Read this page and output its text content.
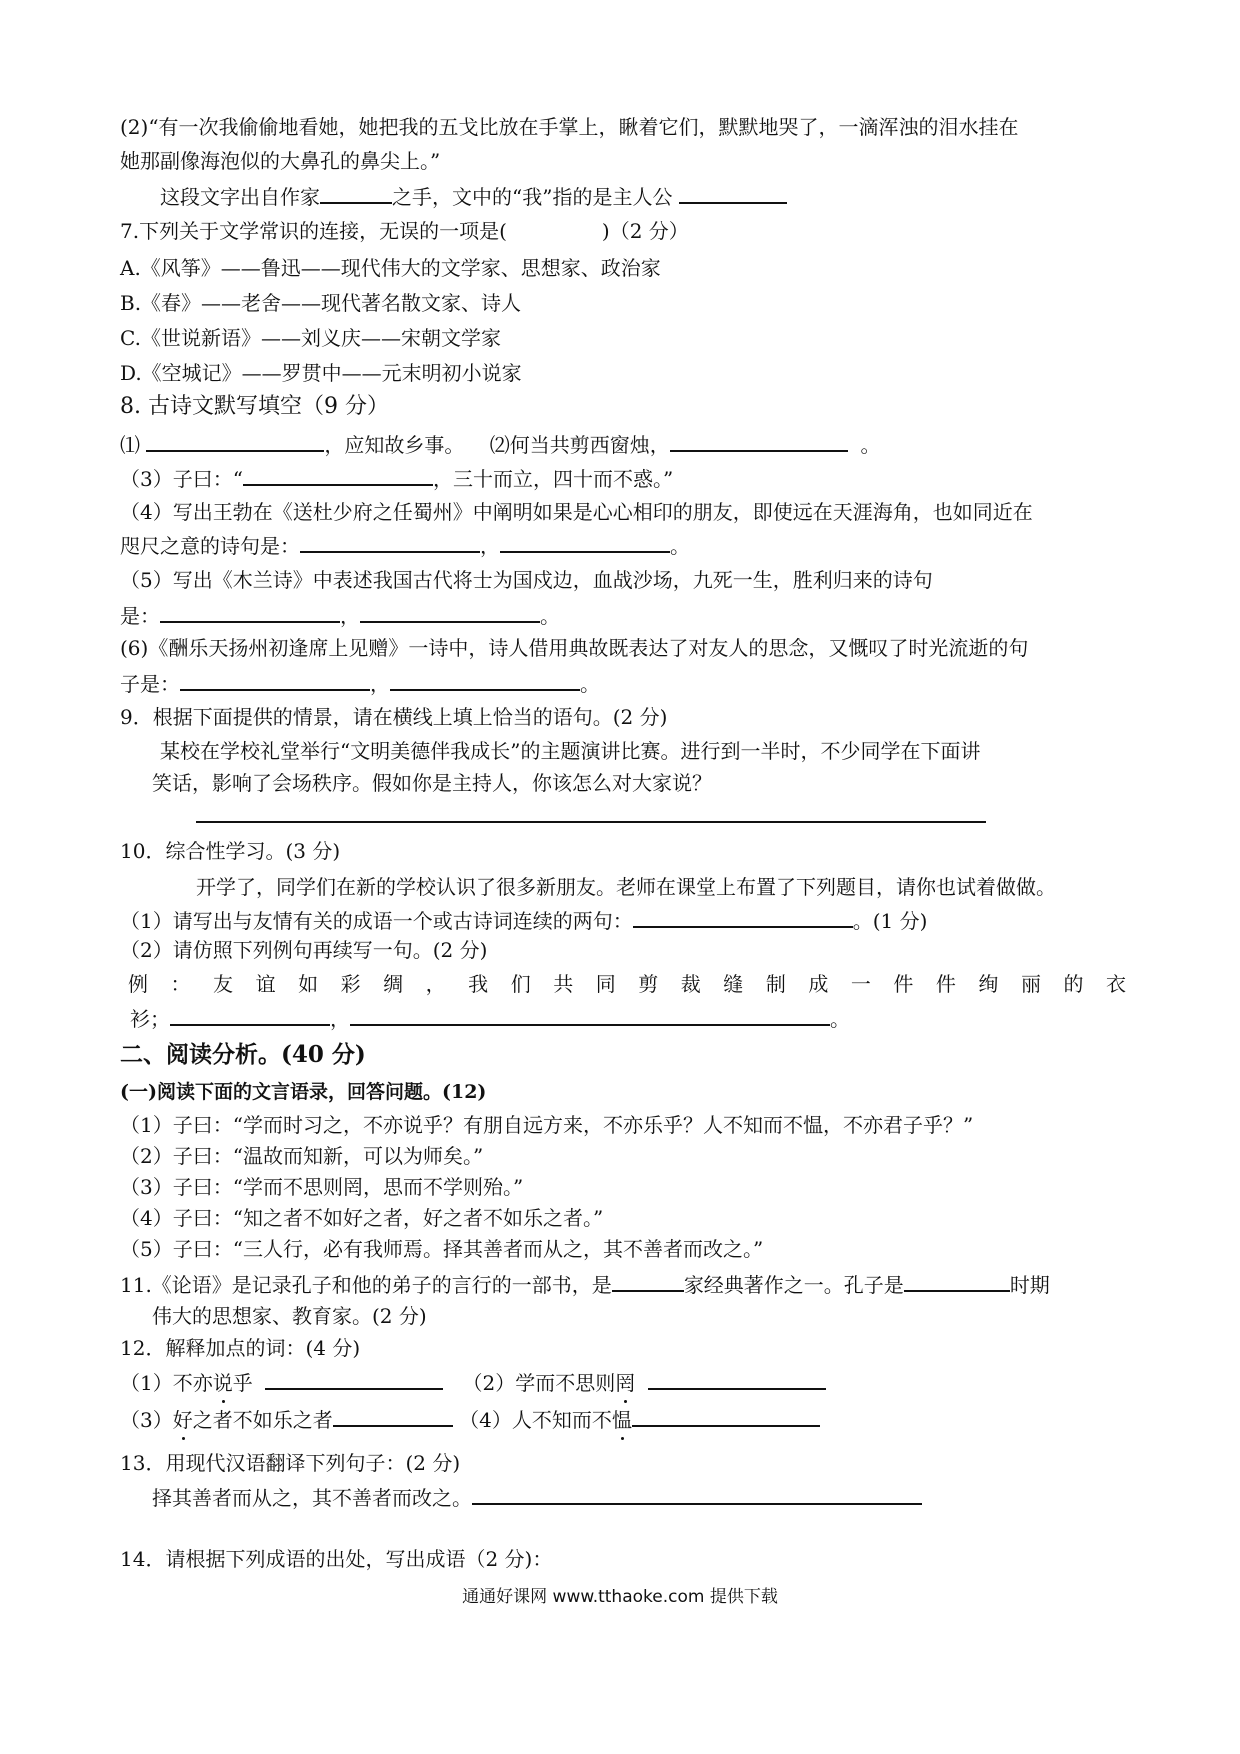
(2)“有一次我偷偷地看她，她把我的五戈比放在手掌上，瞅着它们，默默地哭了，一滴浑浊的泪水挂在
她那副像海泡似的大鼻孔的鼻尖上。”
这段文字出自作家	之手，文中的“我”指的是主人公
7.下列关于文学常识的连接，无误的一项是(	)（2 分）
A.《风筝》——鲁迅——现代伟大的文学家、思想家、政治家
B.《春》——老舍——现代著名散文家、诗人
C.《世说新语》——刘义庆——宋朝文学家
D.《空城记》——罗贯中——元末明初小说家
8. 古诗文默写填空（9 分）
⑴	，应知故乡事。 ⑵何当共剪西窗烛，	。
（3）子曰：“	，三十而立，四十而不惑。”
（4）写出王勃在《送杜少府之任蜀州》中阐明如果是心心相印的朋友，即使远在天涯海角，也如同近在
咫尺之意的诗句是：	，	。
（5）写出《木兰诗》中表述我国古代将士为国戍边，血战沙场，九死一生，胜利归来的诗句
是：	，	。
(6)《酬乐天扬州初逢席上见赠》一诗中，诗人借用典故既表达了对友人的思念，又慨叹了时光流逝的句
子是：	，	。
9．根据下面提供的情景，请在横线上填上恰当的语句。(2 分)
某校在学校礼堂举行“文明美德伴我成长”的主题演讲比赛。进行到一半时，不少同学在下面讲
笑话，影响了会场秩序。假如你是主持人，你该怎么对大家说？
10．综合性学习。(3 分)
开学了，同学们在新的学校认识了很多新朋友。老师在课堂上布置了下列题目，请你也试着做做。
（1）请写出与友情有关的成语一个或古诗词连续的两句：	。(1 分)
（2）请仿照下列例句再续写一句。(2 分)
例：友谊如彩绸，我们共同剪裁缝制成一件件绚丽的衣
衫；	，	。
二、阅读分析。(40 分)
(一)阅读下面的文言语录，回答问题。(12)
（1）子曰：“学而时习之，不亦说乎？有朋自远方来，不亦乐乎？人不知而不愠，不亦君子乎？”
（2）子曰：“温故而知新，可以为师矣。”
（3）子曰：“学而不思则罔，思而不学则殆。”
（4）子曰：“知之者不如好之者，好之者不如乐之者。”
（5）子曰：“三人行，必有我师焉。择其善者而从之，其不善者而改之。”
11.《论语》是记录孔子和他的弟子的言行的一部书，是	家经典著作之一。孔子是	时期
伟大的思想家、教育家。(2 分)
12．解释加点的词：(4 分)
（1）不亦说乎	（2）学而不思则罔
（3）好之者不如乐之者	（4）人不知而不愠
13．用现代汉语翻译下列句子：(2 分)
择其善者而从之，其不善者而改之。
14．请根据下列成语的出处，写出成语（2 分)：
通通好课网 www.tthaoke.com 提供下载
